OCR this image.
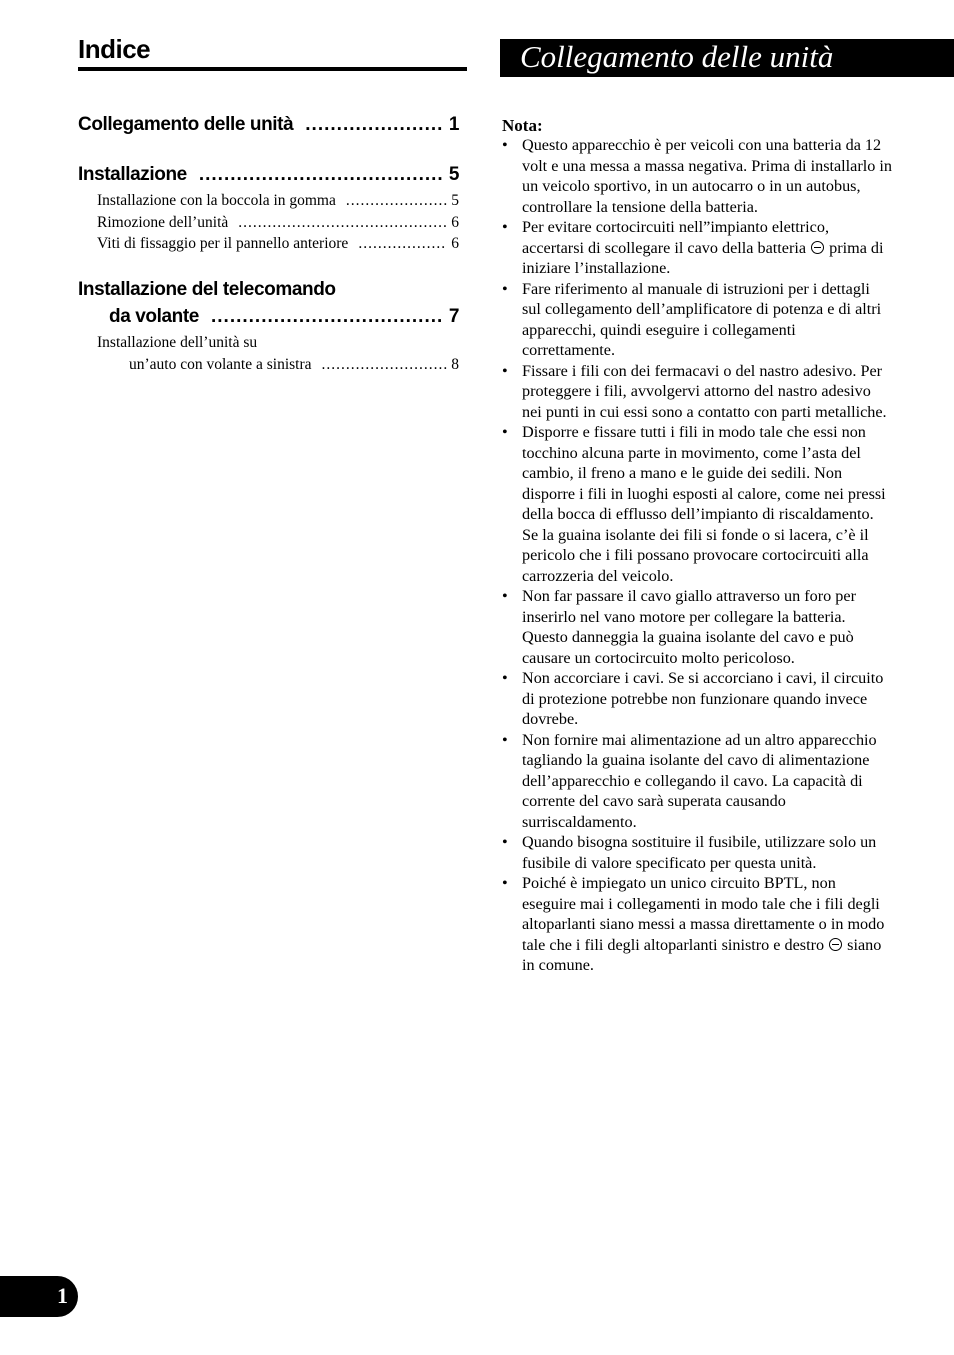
Indice	Collegamento delle unità
Collegamento delle unità .....	1
Installazione .....	5
Installazione con la boccola in gomma .....	5
Rimozione dell’unità .....	6
Viti di fissaggio per il pannello anteriore .....	6
Installazione del telecomando
da volante .....	7
Installazione dell’unità su
un’auto con volante a sinistra .....	8
Nota:
• Questo apparecchio è per veicoli con una batteria da 12 volt e una messa a massa negativa. Prima di installarlo in un veicolo sportivo, in un autocarro o in un autobus, controllare la tensione della batteria.
• Per evitare cortocircuiti nell”impianto elettrico, accertarsi di scollegare il cavo della batteria prima di iniziare l’installazione.
• Fare riferimento al manuale di istruzioni per i dettagli sul collegamento dell’amplificatore di potenza e di altri apparecchi, quindi eseguire i collegamenti correttamente.
• Fissare i fili con dei fermacavi o del nastro adesivo. Per proteggere i fili, avvolgervi attorno del nastro adesivo nei punti in cui essi sono a contatto con parti metalliche.
• Disporre e fissare tutti i fili in modo tale che essi non tocchino alcuna parte in movimento, come l’asta del cambio, il freno a mano e le guide dei sedili. Non disporre i fili in luoghi esposti al calore, come nei pressi della bocca di efflusso dell’impianto di riscaldamento. Se la guaina isolante dei fili si fonde o si lacera, c’è il pericolo che i fili possano provocare cortocircuiti alla carrozzeria del veicolo.
• Non far passare il cavo giallo attraverso un foro per inserirlo nel vano motore per collegare la batteria. Questo danneggia la guaina isolante del cavo e può causare un cortocircuito molto pericoloso.
• Non accorciare i cavi. Se si accorciano i cavi, il circuito di protezione potrebbe non funzionare quando invece dovrebe.
• Non fornire mai alimentazione ad un altro apparecchio tagliando la guaina isolante del cavo di alimentazione dell’apparecchio e collegando il cavo. La capacità di corrente del cavo sarà superata causando surriscaldamento.
• Quando bisogna sostituire il fusibile, utilizzare solo un fusibile di valore specificato per questa unità.
• Poiché è impiegato un unico circuito BPTL, non eseguire mai i collegamenti in modo tale che i fili degli altoparlanti siano messi a massa direttamente o in modo tale che i fili degli altoparlanti sinistro e destro siano in comune.
1
